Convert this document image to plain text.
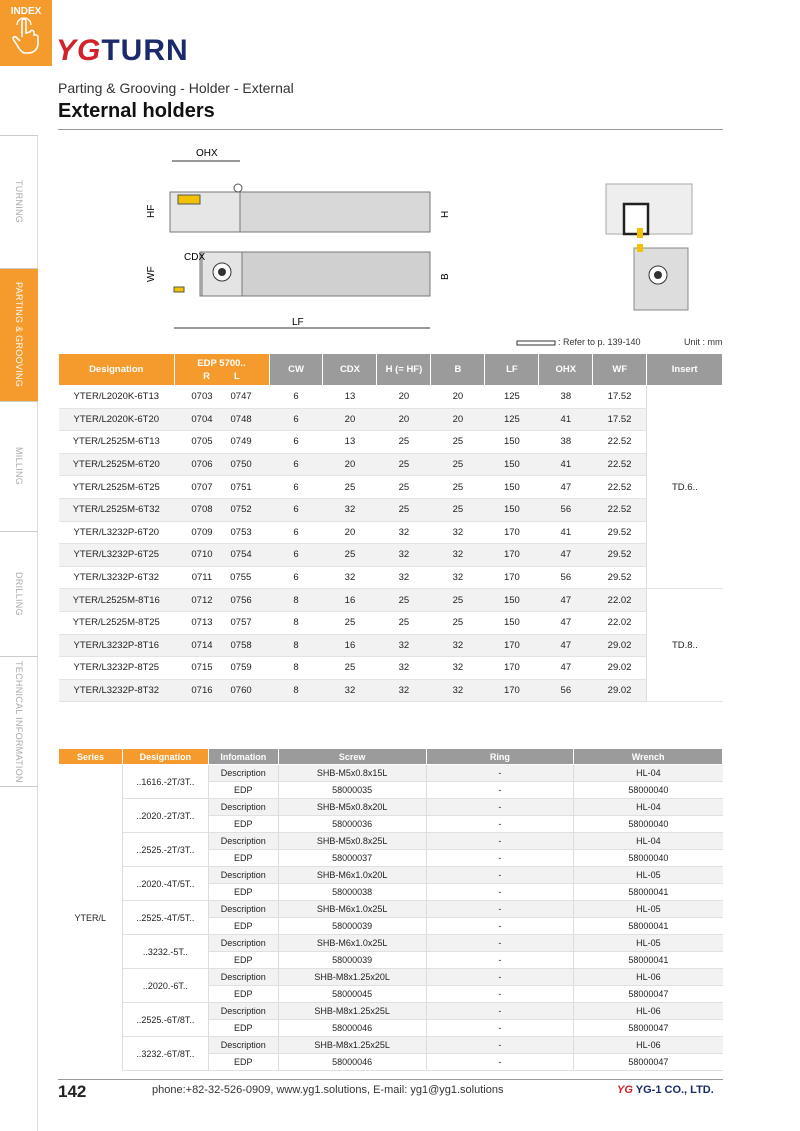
INDEX
TURNING
PARTING & GROOVING
MILLING
DRILLING
TECHNICAL INFORMATION
YGTURN
Parting & Grooving - Holder - External
External holders
OHX
HF	H
CDX
WF	B
LF
: Refer to p. 139-140	Unit : mm
Designation	EDP 5700..
R L	CW	CDX	H (= HF)	B	LF	OHX	WF	Insert
YTER/L2020K-6T13	0703 0747	6	13	20	20	125	38	17.52	TD.6..
YTER/L2020K-6T20	0704 0748	6	20	20	20	125	41	17.52	
YTER/L2525M-6T13	0705 0749	6	13	25	25	150	38	22.52	
YTER/L2525M-6T20	0706 0750	6	20	25	25	150	41	22.52	
YTER/L2525M-6T25	0707 0751	6	25	25	25	150	47	22.52	
YTER/L2525M-6T32	0708 0752	6	32	25	25	150	56	22.52	
YTER/L3232P-6T20	0709 0753	6	20	32	32	170	41	29.52	
YTER/L3232P-6T25	0710 0754	6	25	32	32	170	47	29.52	
YTER/L3232P-6T32	0711 0755	6	32	32	32	170	56	29.52	
YTER/L2525M-8T16	0712 0756	8	16	25	25	150	47	22.02	TD.8..
YTER/L2525M-8T25	0713 0757	8	25	25	25	150	47	22.02	
YTER/L3232P-8T16	0714 0758	8	16	32	32	170	47	29.02	
YTER/L3232P-8T25	0715 0759	8	25	32	32	170	47	29.02	
YTER/L3232P-8T32	0716 0760	8	32	32	32	170	56	29.02	
Series	Designation	Infomation	Screw	Ring	Wrench
YTER/L	..1616.-2T/3T..	Description	SHB-M5x0.8x15L	-	HL-04
		EDP	58000035	-	58000040
	..2020.-2T/3T..	Description	SHB-M5x0.8x20L	-	HL-04
		EDP	58000036	-	58000040
	..2525.-2T/3T..	Description	SHB-M5x0.8x25L	-	HL-04
		EDP	58000037	-	58000040
	..2020.-4T/5T..	Description	SHB-M6x1.0x20L	-	HL-05
		EDP	58000038	-	58000041
	..2525.-4T/5T..	Description	SHB-M6x1.0x25L	-	HL-05
		EDP	58000039	-	58000041
	..3232.-5T..	Description	SHB-M6x1.0x25L	-	HL-05
		EDP	58000039	-	58000041
	..2020.-6T..	Description	SHB-M8x1.25x20L	-	HL-06
		EDP	58000045	-	58000047
	..2525.-6T/8T..	Description	SHB-M8x1.25x25L	-	HL-06
		EDP	58000046	-	58000047
	..3232.-6T/8T..	Description	SHB-M8x1.25x25L	-	HL-06
		EDP	58000046	-	58000047
142	phone:+82-32-526-0909, www.yg1.solutions, E-mail: yg1@yg1.solutions	YG YG-1 CO., LTD.
